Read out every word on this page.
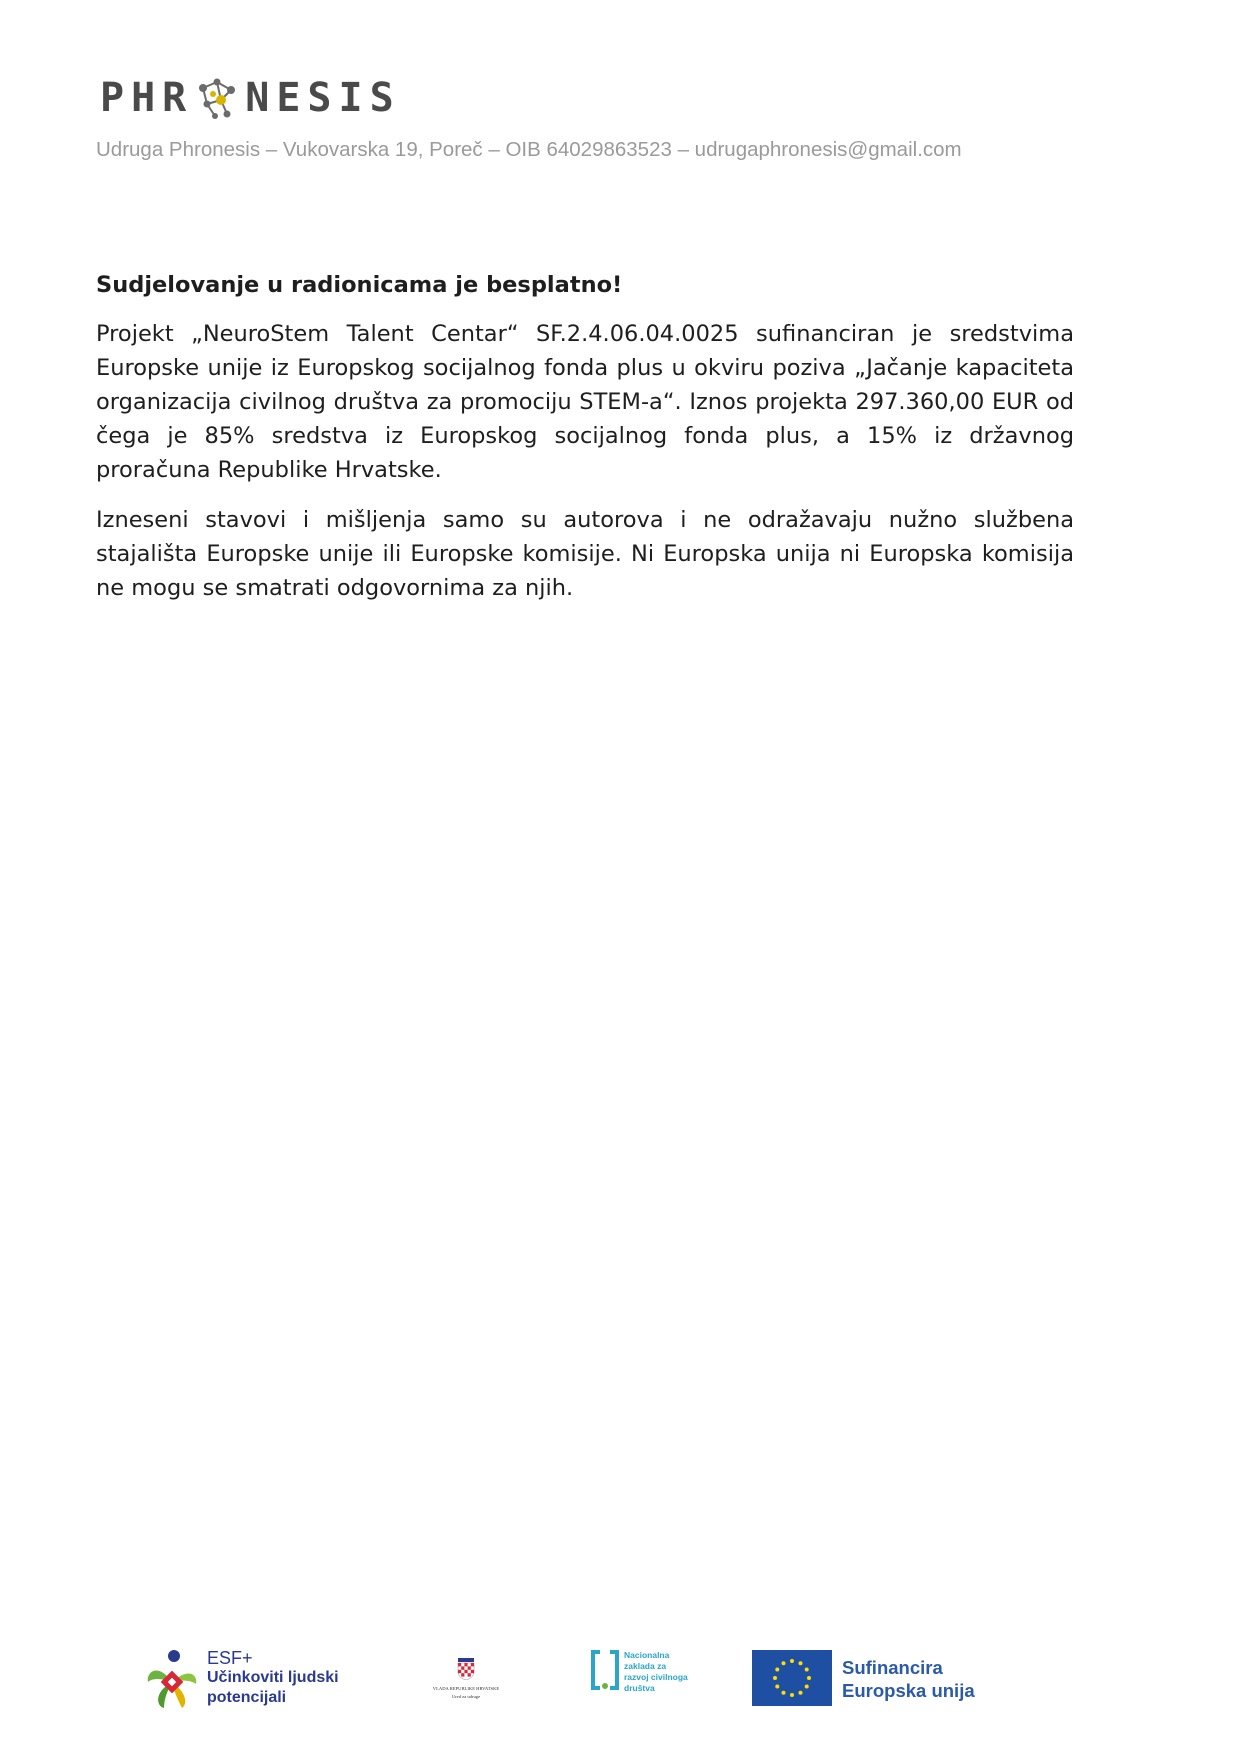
PHR NESIS
Udruga Phronesis – Vukovarska 19, Poreč – OIB 64029863523 – udrugaphronesis@gmail.com
Sudjelovanje u radionicama je besplatno!

Projekt „NeuroStem Talent Centar“ SF.2.4.06.04.0025 sufinanciran je sredstvima Europske unije iz Europskog socijalnog fonda plus u okviru poziva „Jačanje kapaciteta organizacija civilnog društva za promociju STEM-a“. Iznos projekta 297.360,00 EUR od čega je 85% sredstva iz Europskog socijalnog fonda plus, a 15% iz državnog proračuna Republike Hrvatske.

Izneseni stavovi i mišljenja samo su autorova i ne odražavaju nužno službena stajališta Europske unije ili Europske komisije. Ni Europska unija ni Europska komisija ne mogu se smatrati odgovornima za njih.

ESF+
Učinkoviti ljudski potencijali
VLADA REPUBLIKE HRVATSKE
Ured za udruge
Nacionalna zaklada za razvoj civilnoga društva
Sufinancira
Europska unija
